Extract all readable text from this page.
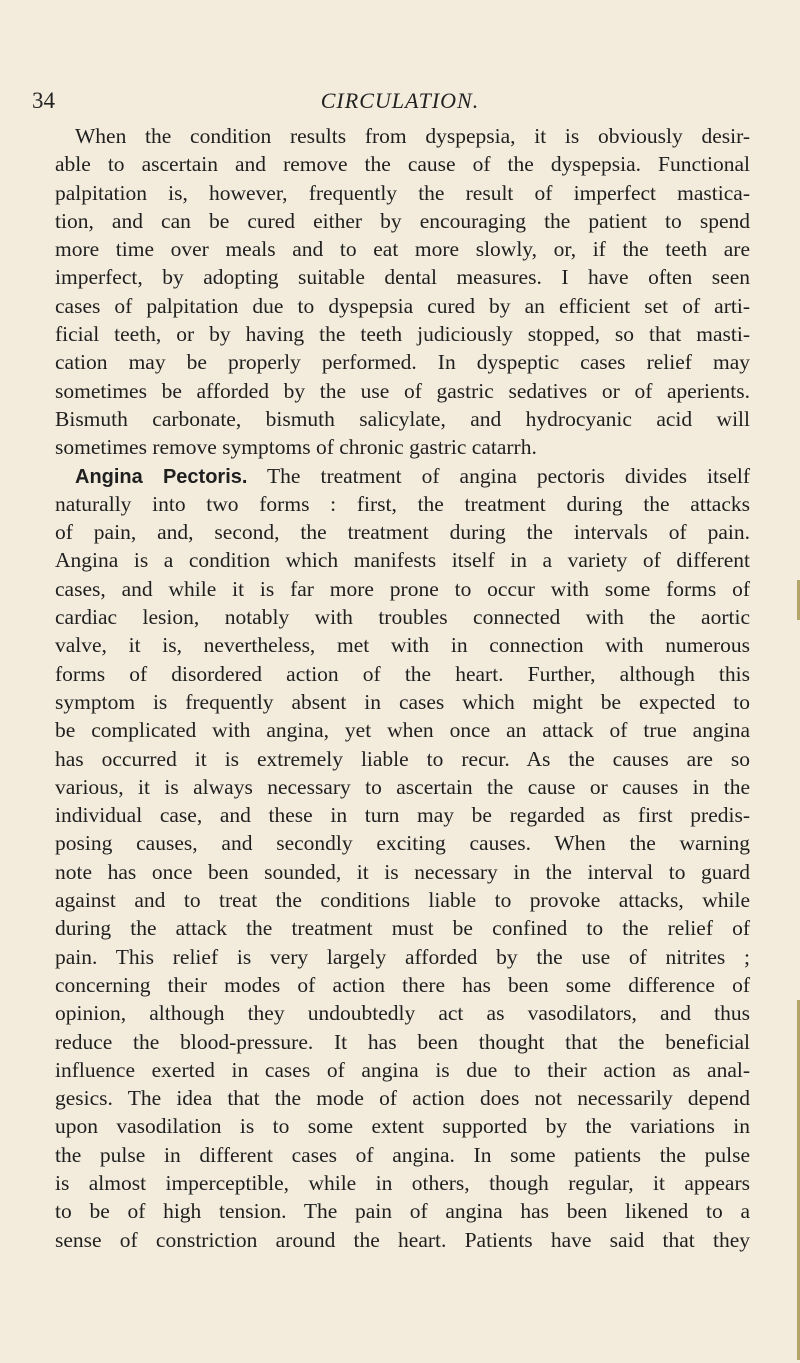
34	CIRCULATION.
When the condition results from dyspepsia, it is obviously desir-
able to ascertain and remove the cause of the dyspepsia. Functional
palpitation is, however, frequently the result of imperfect mastica-
tion, and can be cured either by encouraging the patient to spend
more time over meals and to eat more slowly, or, if the teeth are
imperfect, by adopting suitable dental measures. I have often seen
cases of palpitation due to dyspepsia cured by an efficient set of arti-
ficial teeth, or by having the teeth judiciously stopped, so that masti-
cation may be properly performed. In dyspeptic cases relief may
sometimes be afforded by the use of gastric sedatives or of aperients.
Bismuth carbonate, bismuth salicylate, and hydrocyanic acid will
sometimes remove symptoms of chronic gastric catarrh.
Angina Pectoris. The treatment of angina pectoris divides itself
naturally into two forms : first, the treatment during the attacks
of pain, and, second, the treatment during the intervals of pain.
Angina is a condition which manifests itself in a variety of different
cases, and while it is far more prone to occur with some forms of
cardiac lesion, notably with troubles connected with the aortic
valve, it is, nevertheless, met with in connection with numerous
forms of disordered action of the heart. Further, although this
symptom is frequently absent in cases which might be expected to
be complicated with angina, yet when once an attack of true angina
has occurred it is extremely liable to recur. As the causes are so
various, it is always necessary to ascertain the cause or causes in the
individual case, and these in turn may be regarded as first predis-
posing causes, and secondly exciting causes. When the warning
note has once been sounded, it is necessary in the interval to guard
against and to treat the conditions liable to provoke attacks, while
during the attack the treatment must be confined to the relief of
pain. This relief is very largely afforded by the use of nitrites ;
concerning their modes of action there has been some difference of
opinion, although they undoubtedly act as vasodilators, and thus
reduce the blood-pressure. It has been thought that the beneficial
influence exerted in cases of angina is due to their action as anal-
gesics. The idea that the mode of action does not necessarily depend
upon vasodilation is to some extent supported by the variations in
the pulse in different cases of angina. In some patients the pulse
is almost imperceptible, while in others, though regular, it appears
to be of high tension. The pain of angina has been likened to a
sense of constriction around the heart. Patients have said that they
